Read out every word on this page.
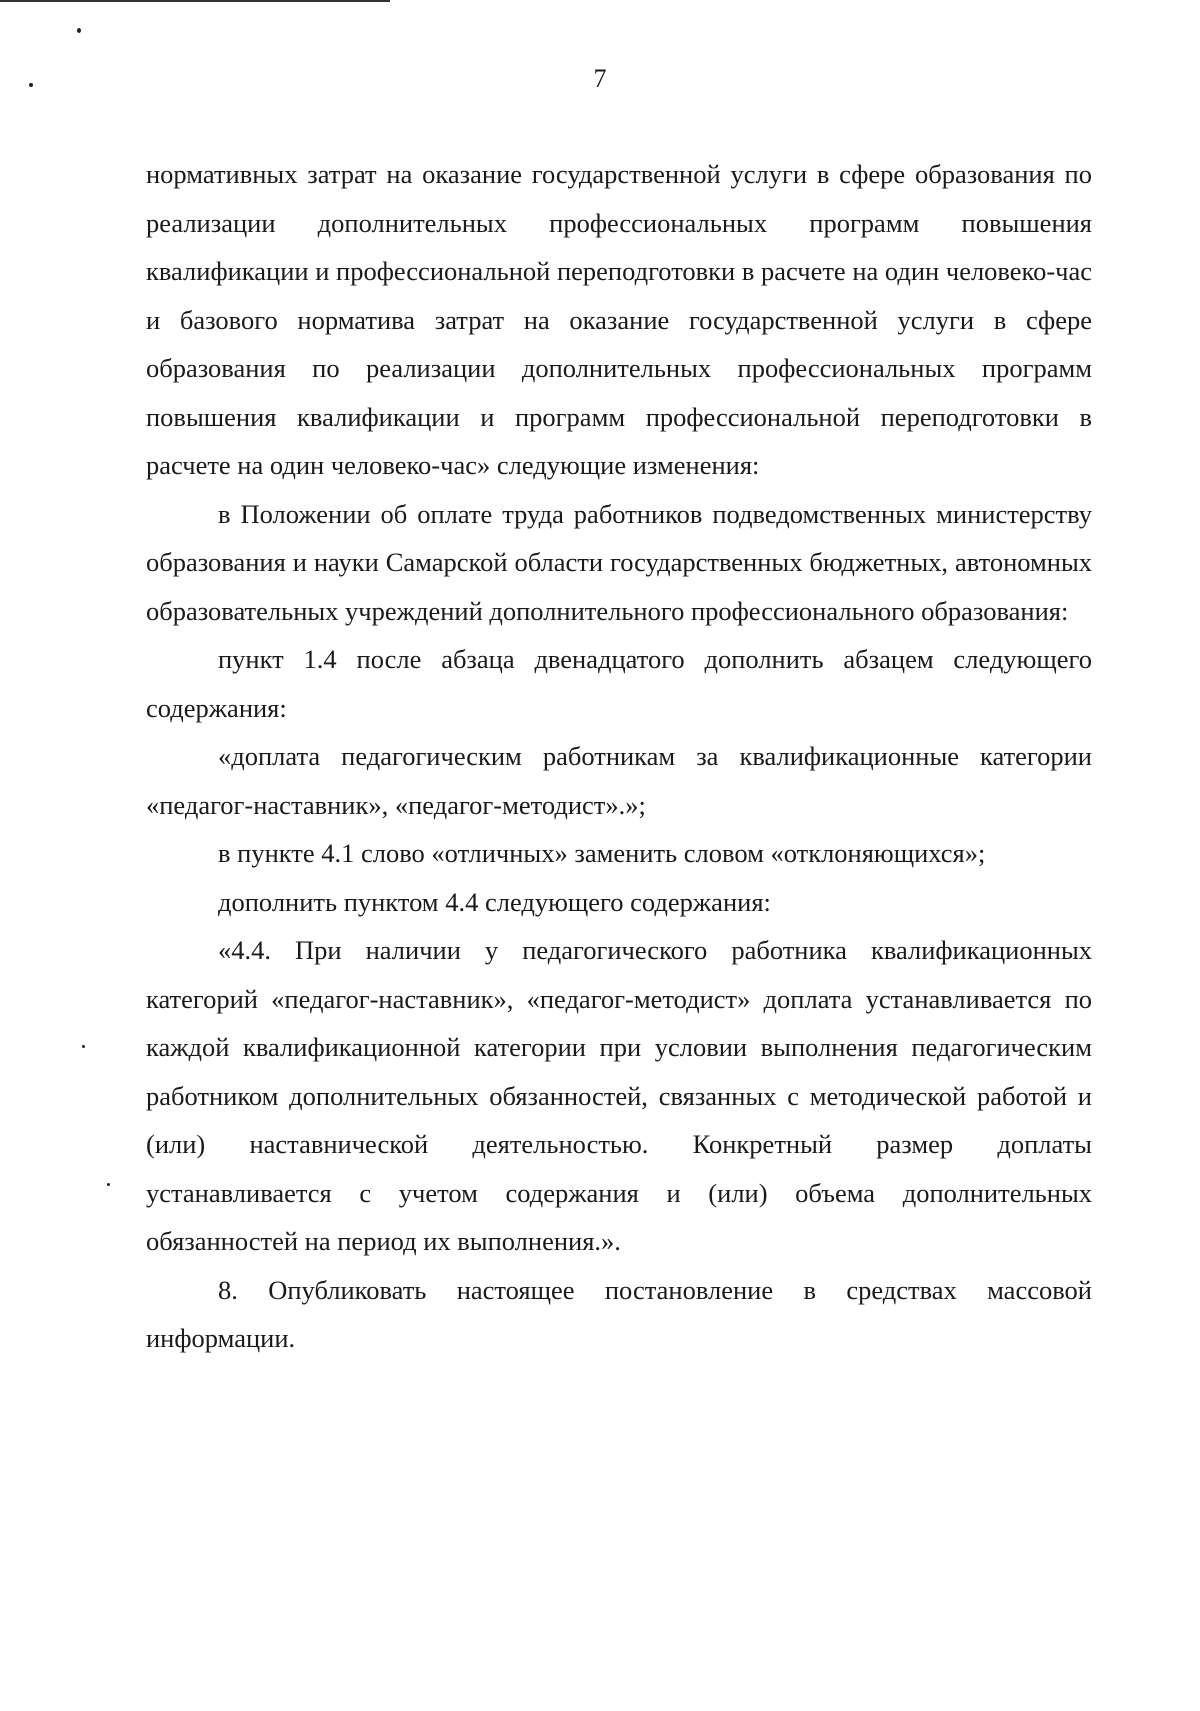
7

нормативных затрат на оказание государственной услуги в сфере образования по реализации дополнительных профессиональных программ повышения квалификации и профессиональной переподготовки в расчете на один человеко-час и базового норматива затрат на оказание государственной услуги в сфере образования по реализации дополнительных профессиональных программ повышения квалификации и программ профессиональной переподготовки в расчете на один человеко-час» следующие изменения:

в Положении об оплате труда работников подведомственных министерству образования и науки Самарской области государственных бюджетных, автономных образовательных учреждений дополнительного профессионального образования:

пункт 1.4 после абзаца двенадцатого дополнить абзацем следующего содержания:

«доплата педагогическим работникам за квалификационные категории «педагог-наставник», «педагог-методист».»;

в пункте 4.1 слово «отличных» заменить словом «отклоняющихся»;

дополнить пунктом 4.4 следующего содержания:

«4.4. При наличии у педагогического работника квалификационных категорий «педагог-наставник», «педагог-методист» доплата устанавливается по каждой квалификационной категории при условии выполнения педагогическим работником дополнительных обязанностей, связанных с методической работой и (или) наставнической деятельностью. Конкретный размер доплаты устанавливается с учетом содержания и (или) объема дополнительных обязанностей на период их выполнения.».

8. Опубликовать настоящее постановление в средствах массовой информации.
